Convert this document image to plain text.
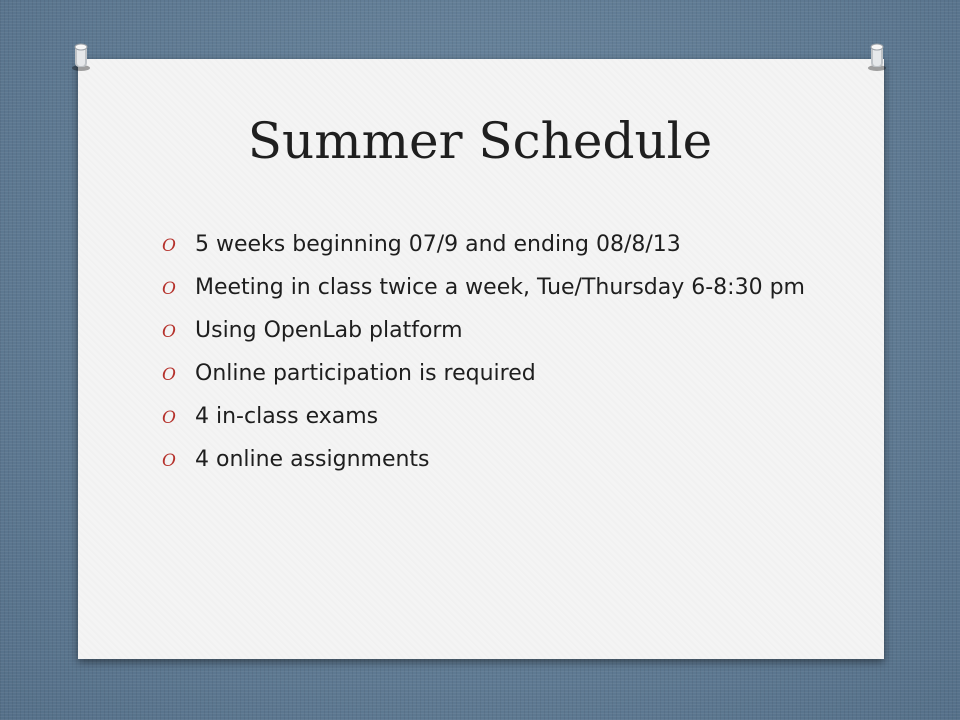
Summer Schedule
O 5 weeks beginning 07/9 and ending 08/8/13
O Meeting in class twice a week, Tue/Thursday 6-8:30 pm
O Using OpenLab platform
O Online participation is required
O 4 in-class exams
O 4 online assignments
